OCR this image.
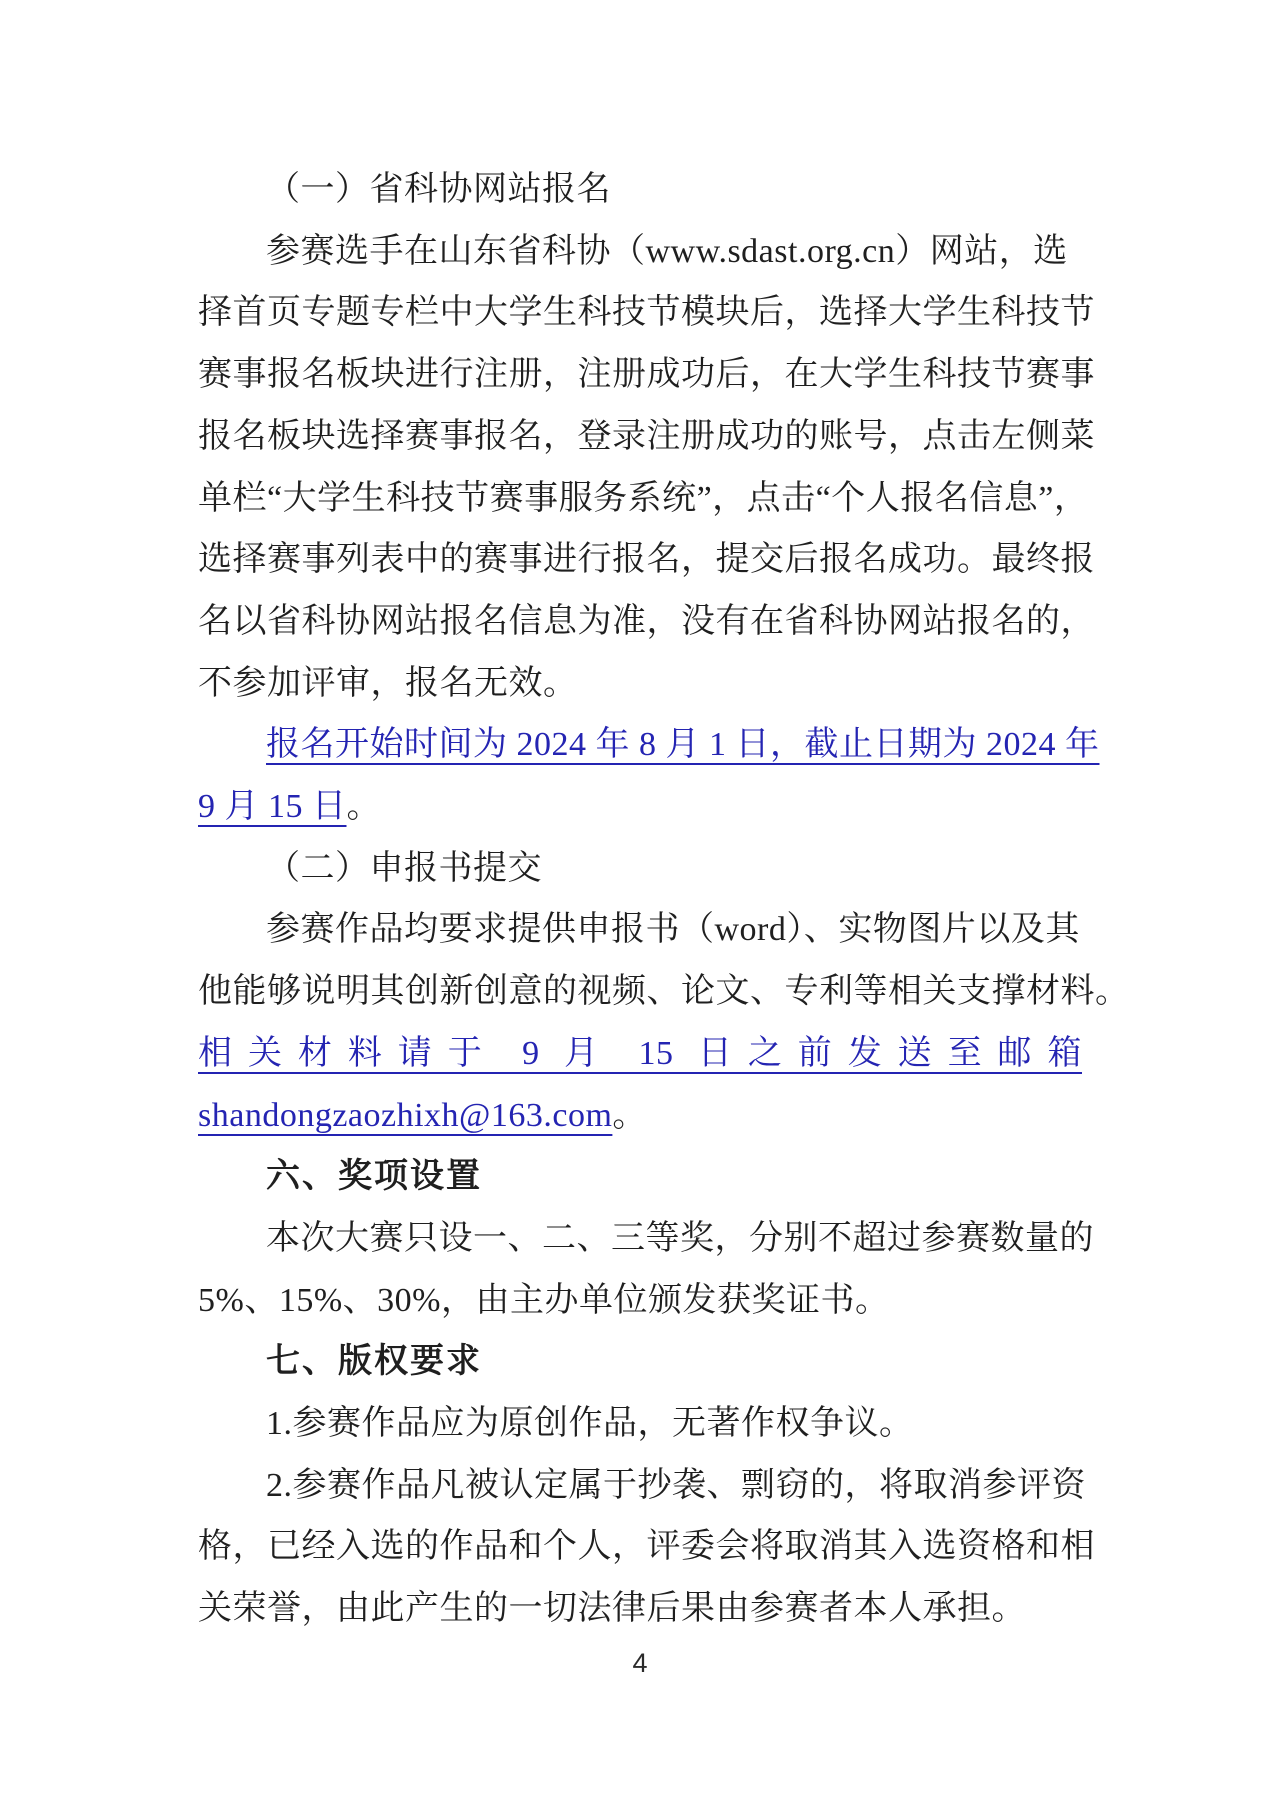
（一）省科协网站报名
参赛选手在山东省科协（www.sdast.org.cn）网站，选
择首页专题专栏中大学生科技节模块后，选择大学生科技节
赛事报名板块进行注册，注册成功后，在大学生科技节赛事
报名板块选择赛事报名，登录注册成功的账号，点击左侧菜
单栏“大学生科技节赛事服务系统”，点击“个人报名信息”，
选择赛事列表中的赛事进行报名，提交后报名成功。最终报
名以省科协网站报名信息为准，没有在省科协网站报名的，
不参加评审，报名无效。
报名开始时间为 2024 年 8 月 1 日，截止日期为 2024 年
9 月 15 日。
（二）申报书提交
参赛作品均要求提供申报书（word）、实物图片以及其
他能够说明其创新创意的视频、论文、专利等相关支撑材料。
相关材料请于 9 月 15 日之前发送至邮箱
shandongzaozhixh@163.com。
六、奖项设置
本次大赛只设一、二、三等奖，分别不超过参赛数量的
5%、15%、30%，由主办单位颁发获奖证书。
七、版权要求
1.参赛作品应为原创作品，无著作权争议。
2.参赛作品凡被认定属于抄袭、剽窃的，将取消参评资
格，已经入选的作品和个人，评委会将取消其入选资格和相
关荣誉，由此产生的一切法律后果由参赛者本人承担。
4
